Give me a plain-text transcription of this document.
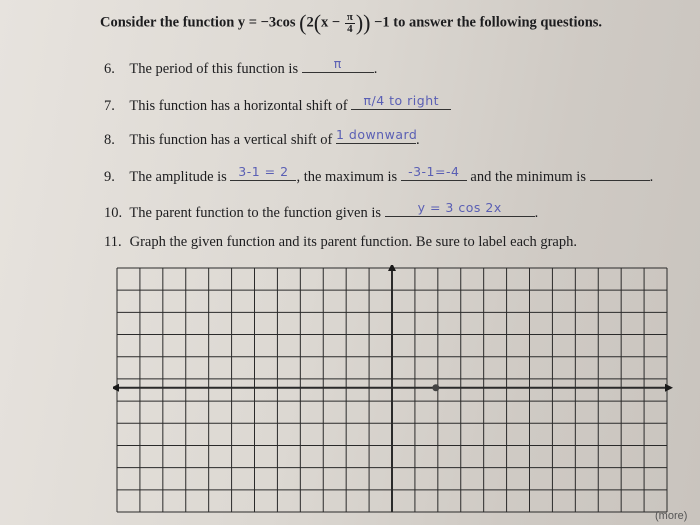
Consider the function y = −3cos ($2(x - \frac{\pi}{4}$ )) −1 to answer the following questions.
6. The period of this function is	π	.
7. This function has a horizontal shift of	π/4 to right
8. This function has a vertical shift of 1 downward
.
9. The amplitude is 3-1 = 2 , the maximum is -3-1=-4 and the minimum is	.
10. The parent function to the function given is	y = 3 cos 2x	.
11. Graph the given function and its parent function. Be sure to label each graph.
(more)
